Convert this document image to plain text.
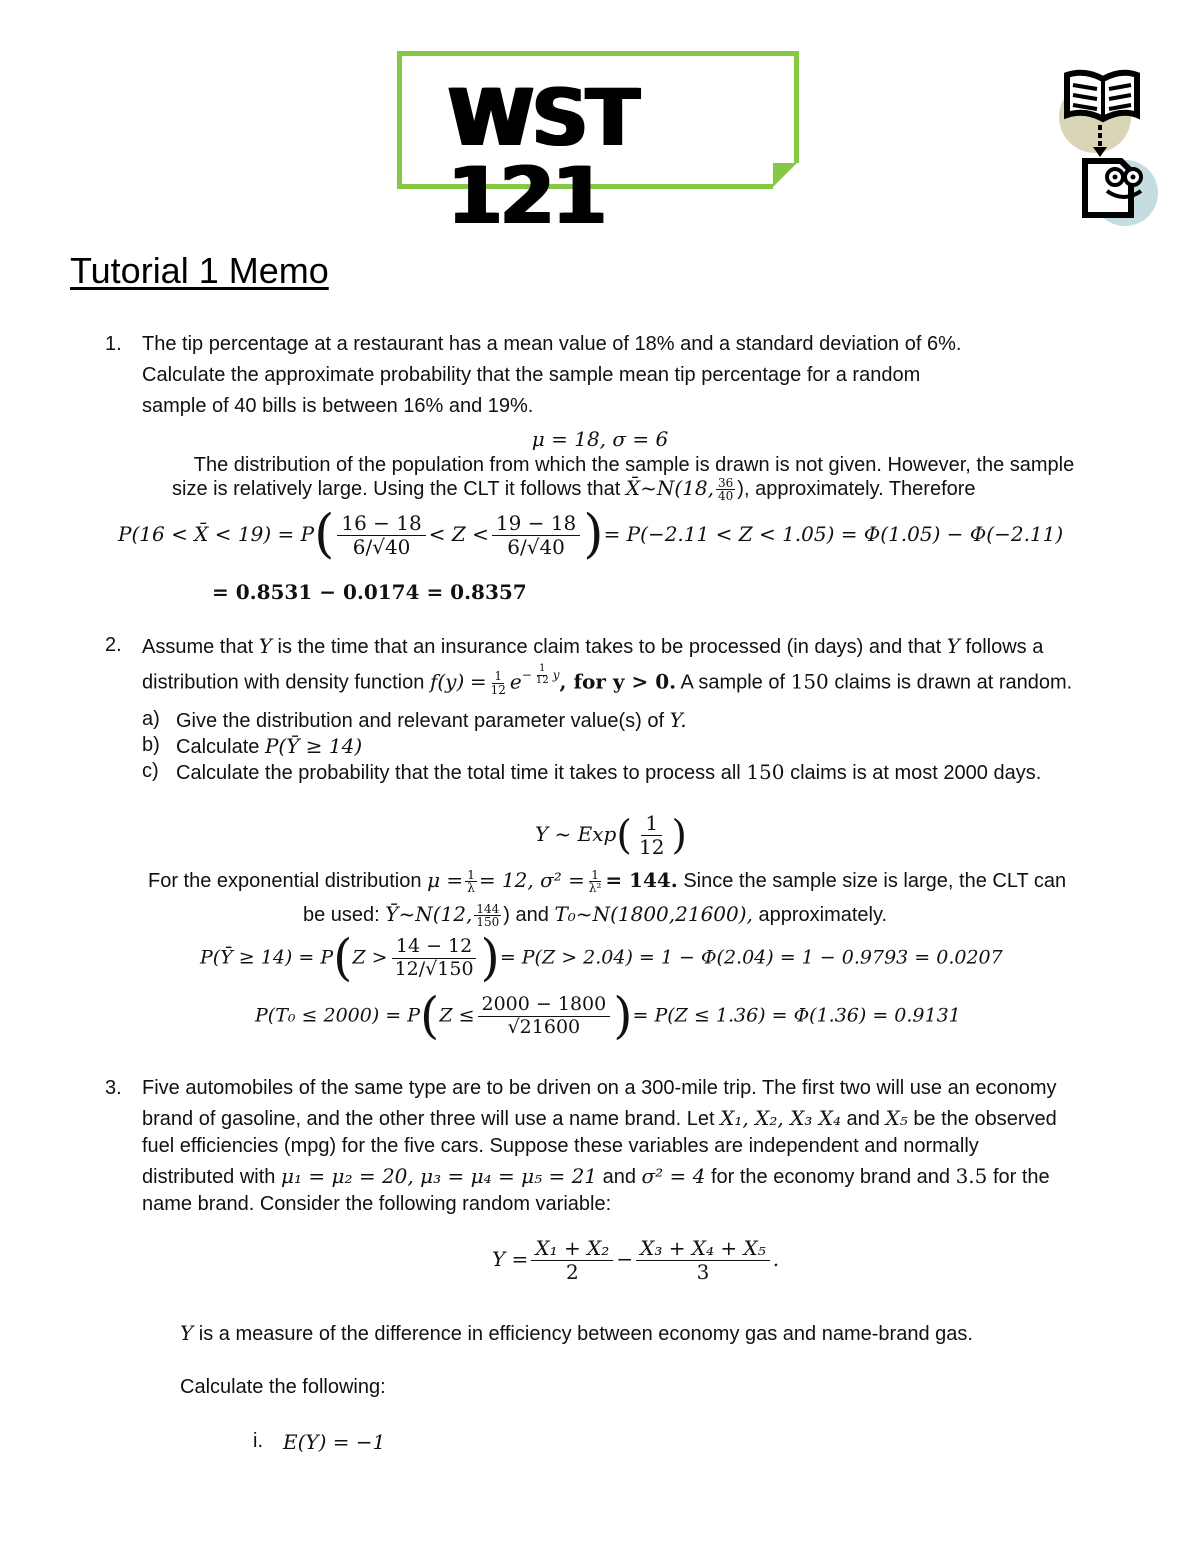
WST 121
Tutorial 1 Memo
1. The tip percentage at a restaurant has a mean value of 18% and a standard deviation of 6%.
Calculate the approximate probability that the sample mean tip percentage for a random
sample of 40 bills is between 16% and 19%.
μ = 18, σ = 6
The distribution of the population from which the sample is drawn is not given. However, the sample
size is relatively large. Using the CLT it follows that X̄~N(18, $\frac{36}{40}$ ), approximately. Therefore
P(16 < X̄ < $19) = P( \frac{16 - 18}{6/√40} < Z < \frac{19 - 18}{6/√40}$ )= P(−2.11 < Z < 1.05) = Φ(1.05) − Φ(−2.11)
= 0.8531 − 0.0174 = 0.8357
2. Assume that Y is the time that an insurance claim takes to be processed (in days) and that Y follows a
distribution with density function $f(y) = \frac{1}{12} e^{- \frac{1}{12} y}$, for y > 0. A sample of 150 claims is drawn at random.
a) Give the distribution and relevant parameter value(s) of Y.
b) Calculate P(Ȳ ≥ 14)
c) Calculate the probability that the total time it takes to process all 150 claims is at most 2000 days.
Y ~ $Exp( \frac{1}{12}$ )
For the exponential distribution $\mu = \frac{1}{\lambda} = 12$, $\sigma^2 = \frac{1}{\text{λ²}} = 144$. Since the sample size is large, the CLT can
be used: Ȳ~N(12, $\frac{144}{150}$ ) and T₀~N(1800,21600), approximately.
P(Ȳ ≥ $14) = P(Z > \frac{14 - 12}{12/√150}$ )= P(Z > 2.04) = 1 − Φ(2.04) = 1 − 0.9793 = 0.0207
$P(T_0 \le 2000) = P(Z \le \frac{2000 - 1800}{√21600}$ )= P(Z ≤ 1.36) = Φ(1.36) = 0.9131
3. Five automobiles of the same type are to be driven on a 300-mile trip. The first two will use an economy
brand of gasoline, and the other three will use a name brand. Let X₁, X₂, X₃ X₄ and X₅ be the observed
fuel efficiencies (mpg) for the five cars. Suppose these variables are independent and normally
distributed with μ₁ = μ₂ = 20, μ₃ = μ₄ = μ₅ = 21 and σ² = 4 for the economy brand and 3.5 for the
name brand. Consider the following random variable:
$Y = \frac{\text{X₁ + X₂}}{2} - \frac{\text{X₃ + X₄ + X₅}}{3}$ .
Y is a measure of the difference in efficiency between economy gas and name-brand gas.
Calculate the following:
i. E(Y) = −1
